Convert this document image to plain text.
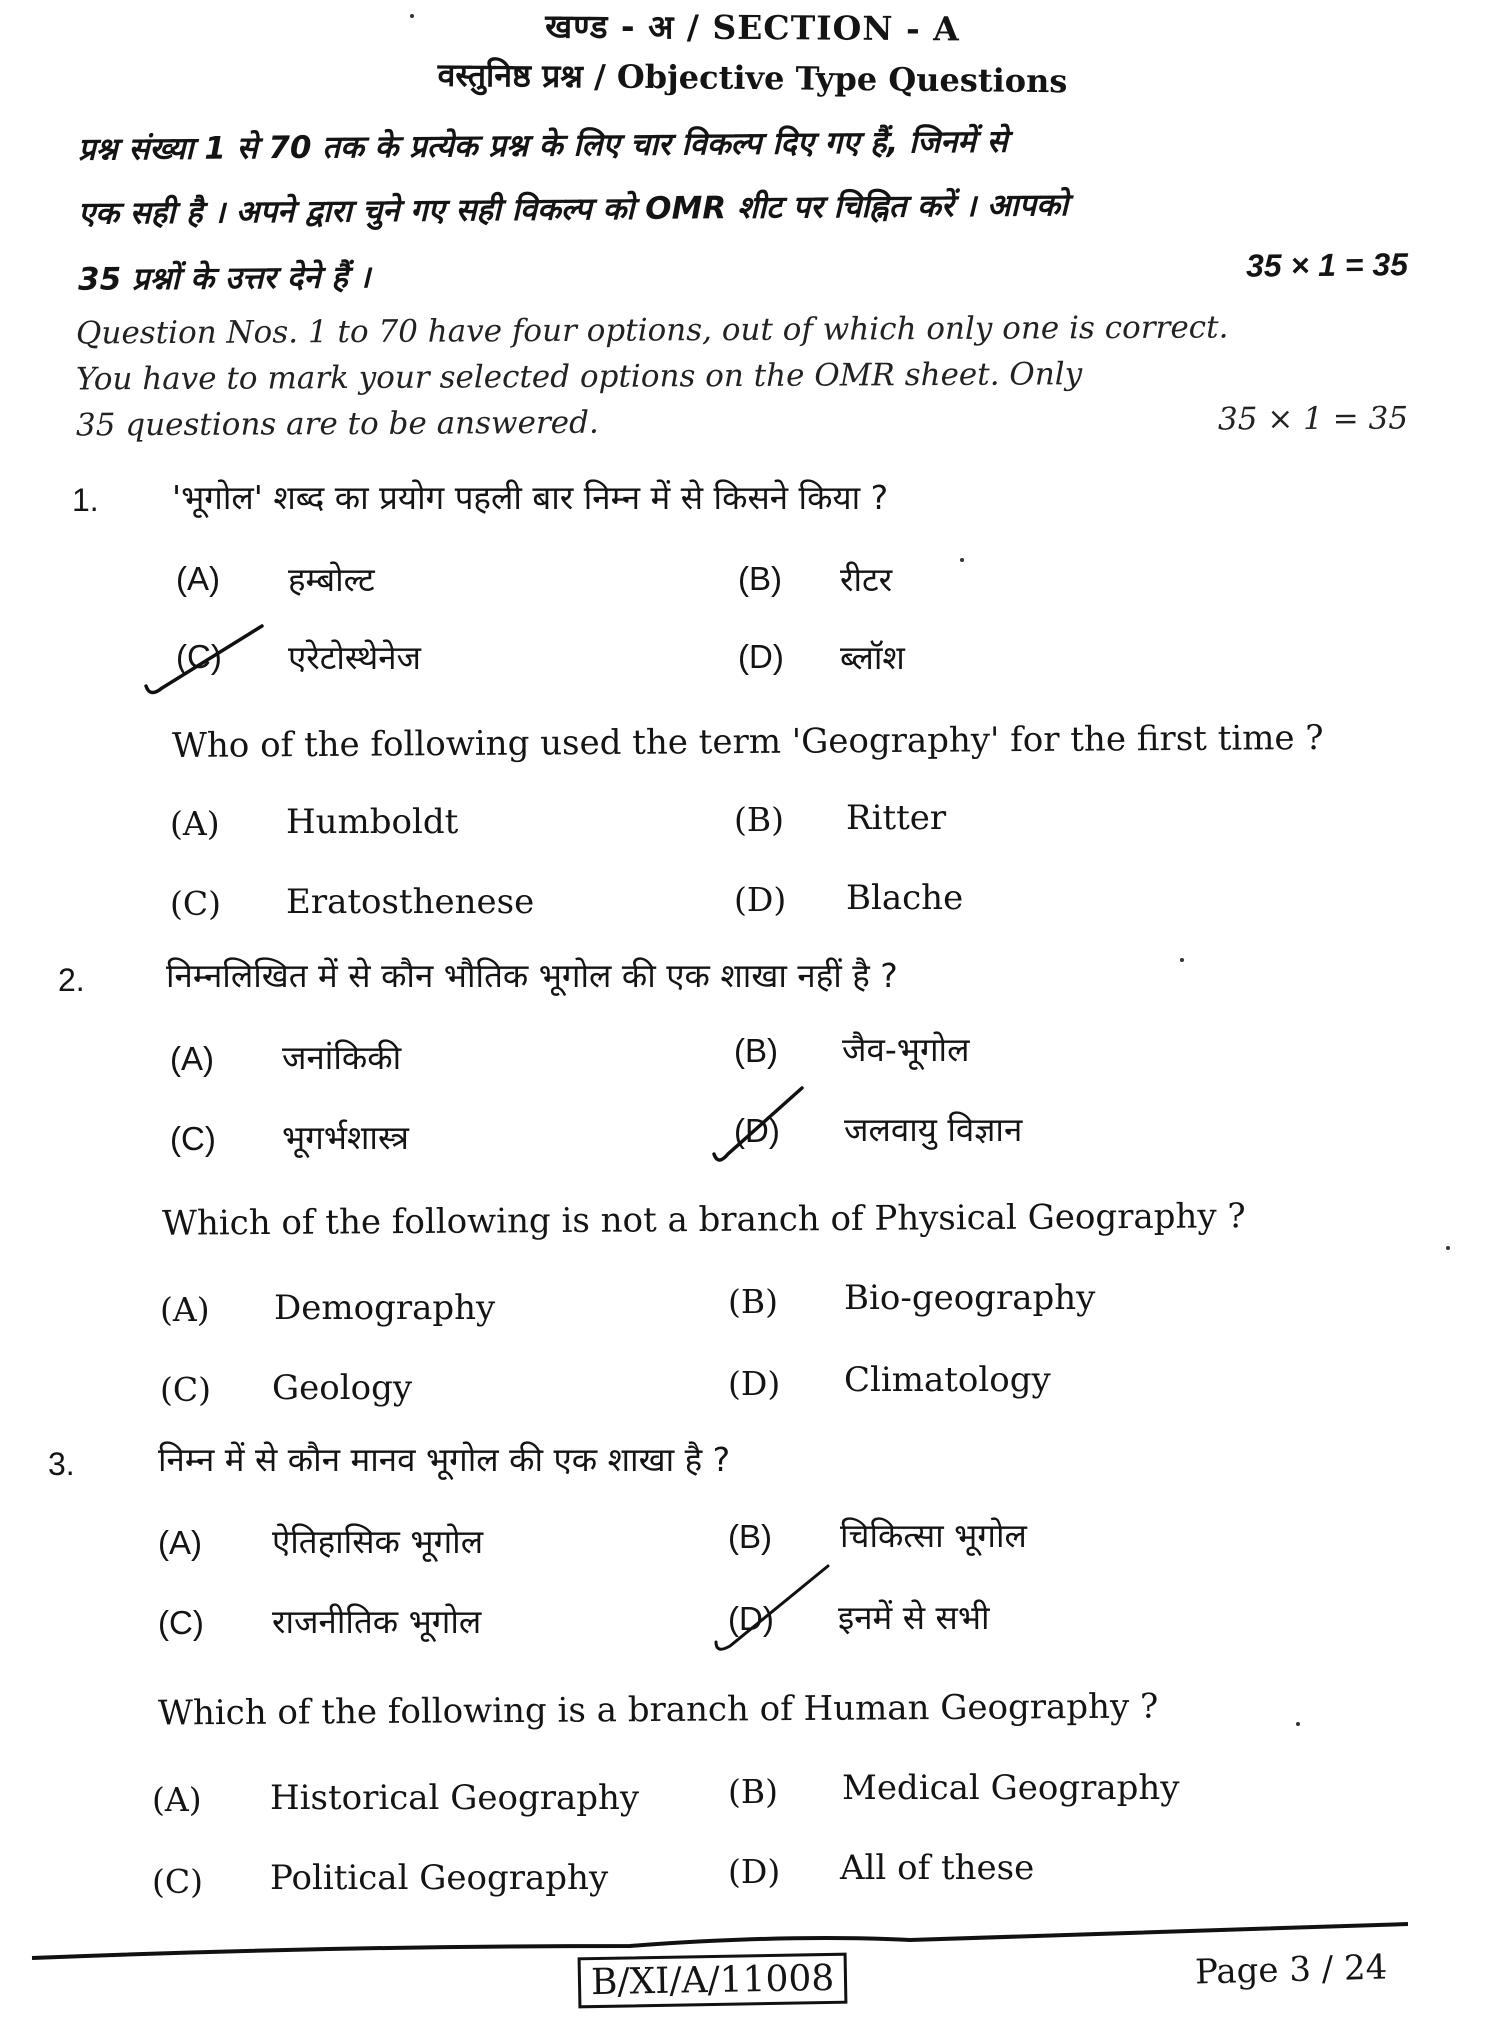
खण्ड - अ / SECTION - A
वस्तुनिष्ठ प्रश्न / Objective Type Questions
प्रश्न संख्या 1 से 70 तक के प्रत्येक प्रश्न के लिए चार विकल्प दिए गए हैं, जिनमें से
एक सही है । अपने द्वारा चुने गए सही विकल्प को OMR शीट पर चिह्नित करें । आपको
35 प्रश्नों के उत्तर देने हैं ।	35 × 1 = 35
Question Nos. 1 to 70 have four options, out of which only one is correct.
You have to mark your selected options on the OMR sheet. Only
35 questions are to be answered.	35 × 1 = 35
1. 'भूगोल' शब्द का प्रयोग पहली बार निम्न में से किसने किया ?
(A) हम्बोल्ट	(B) रीटर
(C) एरेटोस्थेनेज	(D) ब्लॉश
Who of the following used the term 'Geography' for the first time ?
(A) Humboldt	(B) Ritter
(C) Eratosthenese	(D) Blache
2. निम्नलिखित में से कौन भौतिक भूगोल की एक शाखा नहीं है ?
(A) जनांकिकी	(B) जैव-भूगोल
(C) भूगर्भशास्त्र	(D) जलवायु विज्ञान
Which of the following is not a branch of Physical Geography ?
(A) Demography	(B) Bio-geography
(C) Geology	(D) Climatology
3.	निम्न में से कौन मानव भूगोल की एक शाखा है ?
(A) ऐतिहासिक भूगोल	(B) चिकित्सा भूगोल
(C) राजनीतिक भूगोल	(D) इनमें से सभी
Which of the following is a branch of Human Geography ?
(A) Historical Geography	(B) Medical Geography
(C) Political Geography	(D) All of these
B/XI/A/11008	Page 3 / 24
